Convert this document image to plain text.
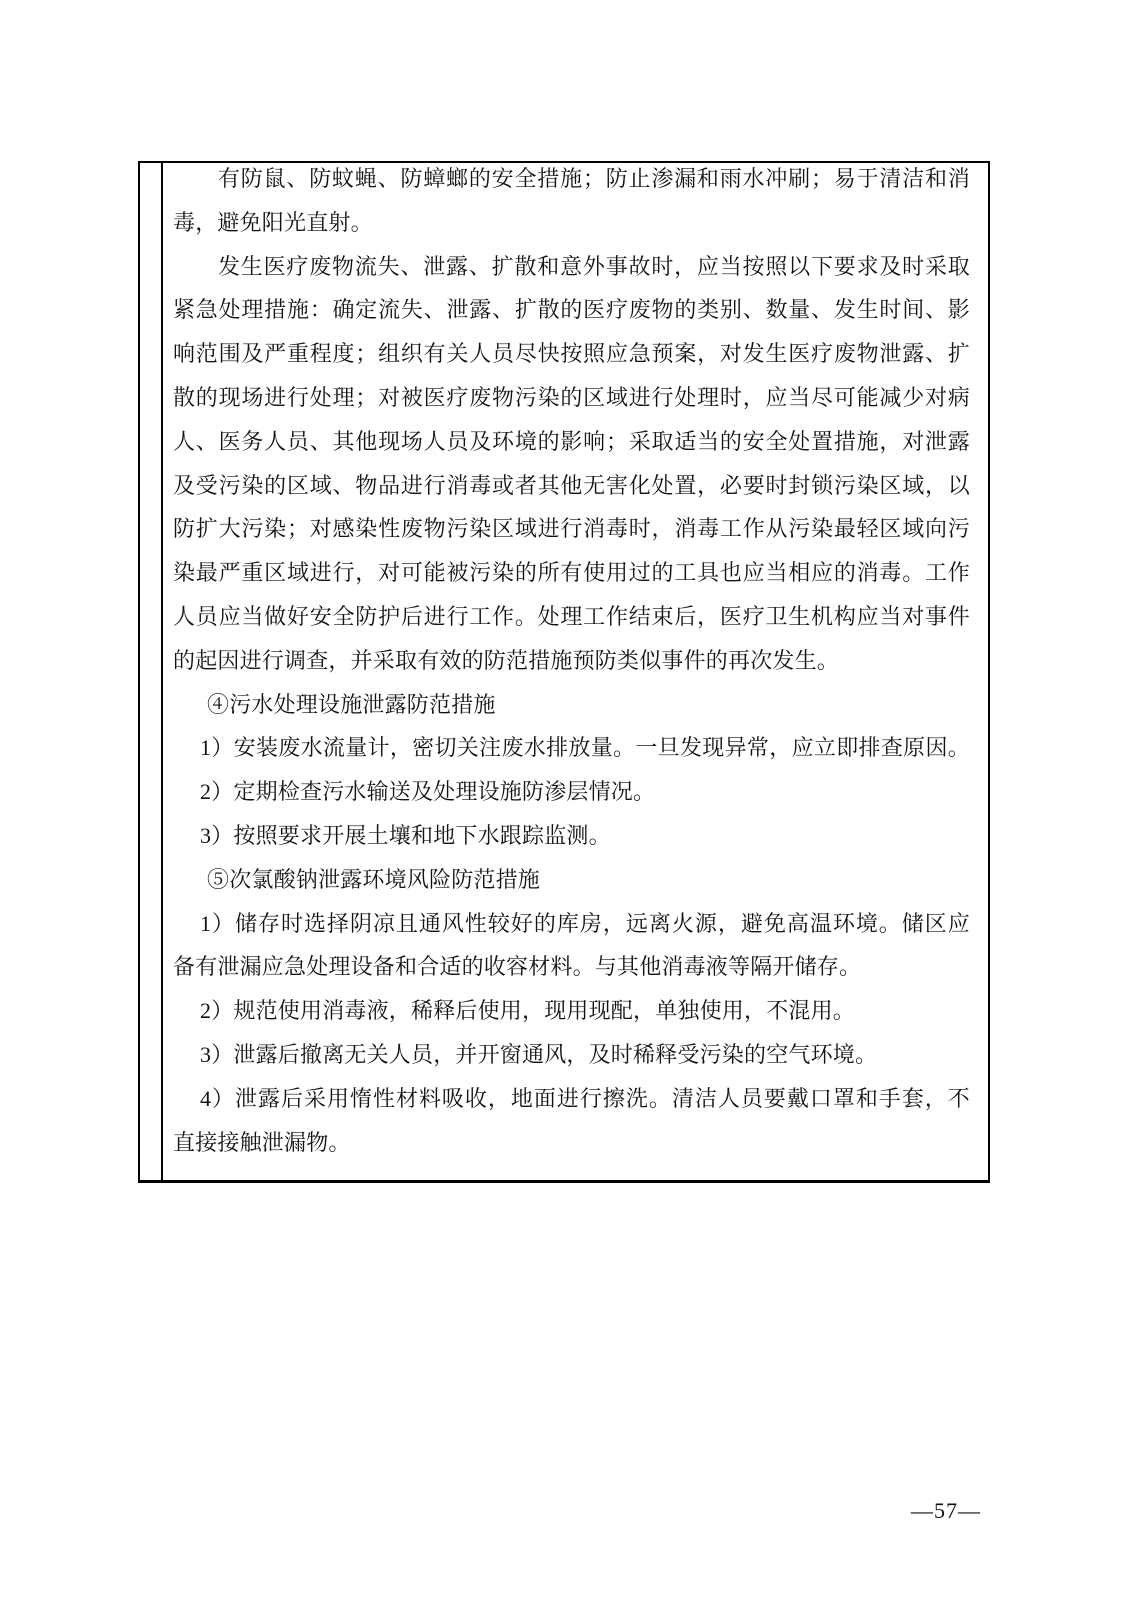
有防鼠、防蚊蝇、防蟑螂的安全措施；防止渗漏和雨水冲刷；易于清洁和消
毒，避免阳光直射。
发生医疗废物流失、泄露、扩散和意外事故时，应当按照以下要求及时采取
紧急处理措施：确定流失、泄露、扩散的医疗废物的类别、数量、发生时间、影
响范围及严重程度；组织有关人员尽快按照应急预案，对发生医疗废物泄露、扩
散的现场进行处理；对被医疗废物污染的区域进行处理时，应当尽可能减少对病
人、医务人员、其他现场人员及环境的影响；采取适当的安全处置措施，对泄露
及受污染的区域、物品进行消毒或者其他无害化处置，必要时封锁污染区域，以
防扩大污染；对感染性废物污染区域进行消毒时，消毒工作从污染最轻区域向污
染最严重区域进行，对可能被污染的所有使用过的工具也应当相应的消毒。工作
人员应当做好安全防护后进行工作。处理工作结束后，医疗卫生机构应当对事件
的起因进行调查，并采取有效的防范措施预防类似事件的再次发生。
④污水处理设施泄露防范措施
1）安装废水流量计，密切关注废水排放量。一旦发现异常，应立即排查原因。
2）定期检查污水输送及处理设施防渗层情况。
3）按照要求开展土壤和地下水跟踪监测。
⑤次氯酸钠泄露环境风险防范措施
1）储存时选择阴凉且通风性较好的库房，远离火源，避免高温环境。储区应
备有泄漏应急处理设备和合适的收容材料。与其他消毒液等隔开储存。
2）规范使用消毒液，稀释后使用，现用现配，单独使用，不混用。
3）泄露后撤离无关人员，并开窗通风，及时稀释受污染的空气环境。
4）泄露后采用惰性材料吸收，地面进行擦洗。清洁人员要戴口罩和手套，不
直接接触泄漏物。
—57—
